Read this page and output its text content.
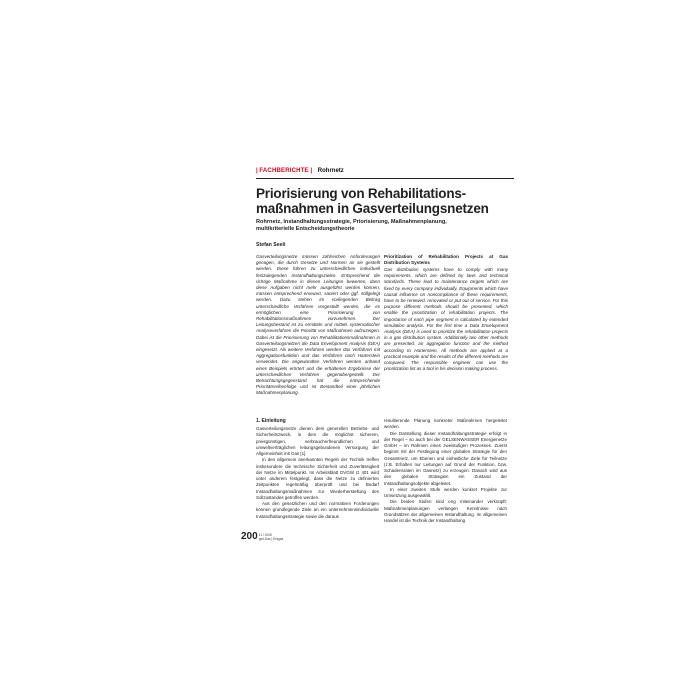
| FACHBERICHTE | Rohrnetz
Priorisierung von Rehabilitations-maßnahmen in Gasverteilungsnetzen
Rohrnetz, Instandhaltungsstrategie, Priorisierung, Maßnahmenplanung, multikriterielle Entscheidungstheorie
Stefan Seeli

Gasverteilungsnetze müssen zahlreichen Anforderungen genügen, die durch Gesetze und Normen an sie gestellt werden. Diese führen zu unterschiedlichen individuell festzulegenden Instandhaltungszielen. Entsprechend die richtige Maßnahme in diesen Leitungen bewerten, dann diese Aufgaben nicht mehr ausgeführt werden können, müssen entsprechend erneuert, saniert oder ggf. stillgelegt werden. Dazu stehen im vorliegenden Beitrag unterschiedliche Verfahren vorgestellt werden, die es ermöglichen eine Priorisierung von Rehabilitationsmaßnahmen vorzunehmen. Der Leitungsbestand ist zu ermitteln und mittels systematischer Analyseverfahren die Priorität von Maßnahmen aufzuzeigen. Dabei ist die Priorisierung von Rehabilitationsmaßnahmen in Gasverteilungsnetzen die Data Envelopment Analysis (DEA) eingesetzt. Als weitere Verfahren werden das Verfahren mit Aggregationsfunktion und das Verfahren nach Harterstein verwendet. Die angewandten Verfahren werden anhand eines Beispiels erörtert und die erhaltenen Ergebnisse der unterschiedlichen Verfahren gegenübergestellt. Der Betrachtungsgegenstand hat die entsprechende Prioritätsreihenfolge und ist Bestandteil einer jährlichen Maßnahmenplanung.

Prioritization of Rehabilitation Projects at Gas Distribution Systems
Gas distribution systems have to comply with many requirements, which are defined by laws and technical standards. These lead to maintenance targets which are fixed by every company individually. Equipments which have causal influence on noncompliance of these requirements, have to be renewed, renovated or put out of service. For this purpose different methods should be presented, which enable the prioritization of rehabilitation projects. The importance of each pipe segment is calculated by extended simulation analysis. For the first time a Data Envelopment Analysis (DEA) is used to prioritize the rehabilitation projects in a gas distribution system. Additionally two other methods are presented, an aggregation function and the method according to Harterstein. All methods are applied at a practical example and the results of the different methods are compared. The responsible engineer can use the prioritization list as a tool in his decision making process.
1. Einleitung

Gasverteilungsnetze dienen dem generellen Betriebs- und Sicherheitszweck, in dem die möglichst sicherem, preisgünstigen, verbraucherfreundlichen und umweltverträglichen leitungsgebundenen Versorgung der Allgemeinheit mit Gas [1].

In den allgemein anerkannten Regeln der Technik treffen insbesondere die technische Sicherheit und Zuverlässigkeit der Netze im Mittelpunkt. Im Arbeitsblatt DVGW G 401 wird unter anderem festgelegt, dass die Netze zu definierten Zeitpunkten regelmäßig überprüft und bei Bedarf Instandhaltungsmaßnahmen zur Wiederherstellung des Sollzustandes getroffen werden.

Aus den gesetzlichen und den normativen Forderungen können grundlegende Ziele an ein unternehmensindividuelle Instandhaltungsstrategie sowie die daraus

resultierende Planung konkreter Maßnahmen hergeleitet werden.

Die Darstellung dieser Instandhaltungsstrategie erfolgt in der Regel – so auch bei der GELSENWASSER Energienetze GmbH – im Rahmen eines zweistufigen Prozesses. Zuerst beginnt mit der Festlegung einer globalen Strategie für den Gesamtnetz, um Ebenen und einheitliche Ziele für Teilnetze (z.B. Erhalten nur Leitungen auf Grund der Funktion, bzw. Schadensraten im Gasnetz) zu erzeugen. Danach wird aus den globalen Strategien ein Zustand der Instandhaltungsobjekte abgeleitet.

In einer zweiten Stufe werden konkret Projekte zur Umsetzung ausgewählt.

Die beiden Stufen sind eng miteinander verknüpft: Maßnahmenplanungen verlangen Kenntnisse nach Grundsätzen der allgemeinen Instandhaltung. Im allgemeinen Handel ist die Technik der Instandhaltung

200 11 / 2008
gwf-Gas | Erdgas
